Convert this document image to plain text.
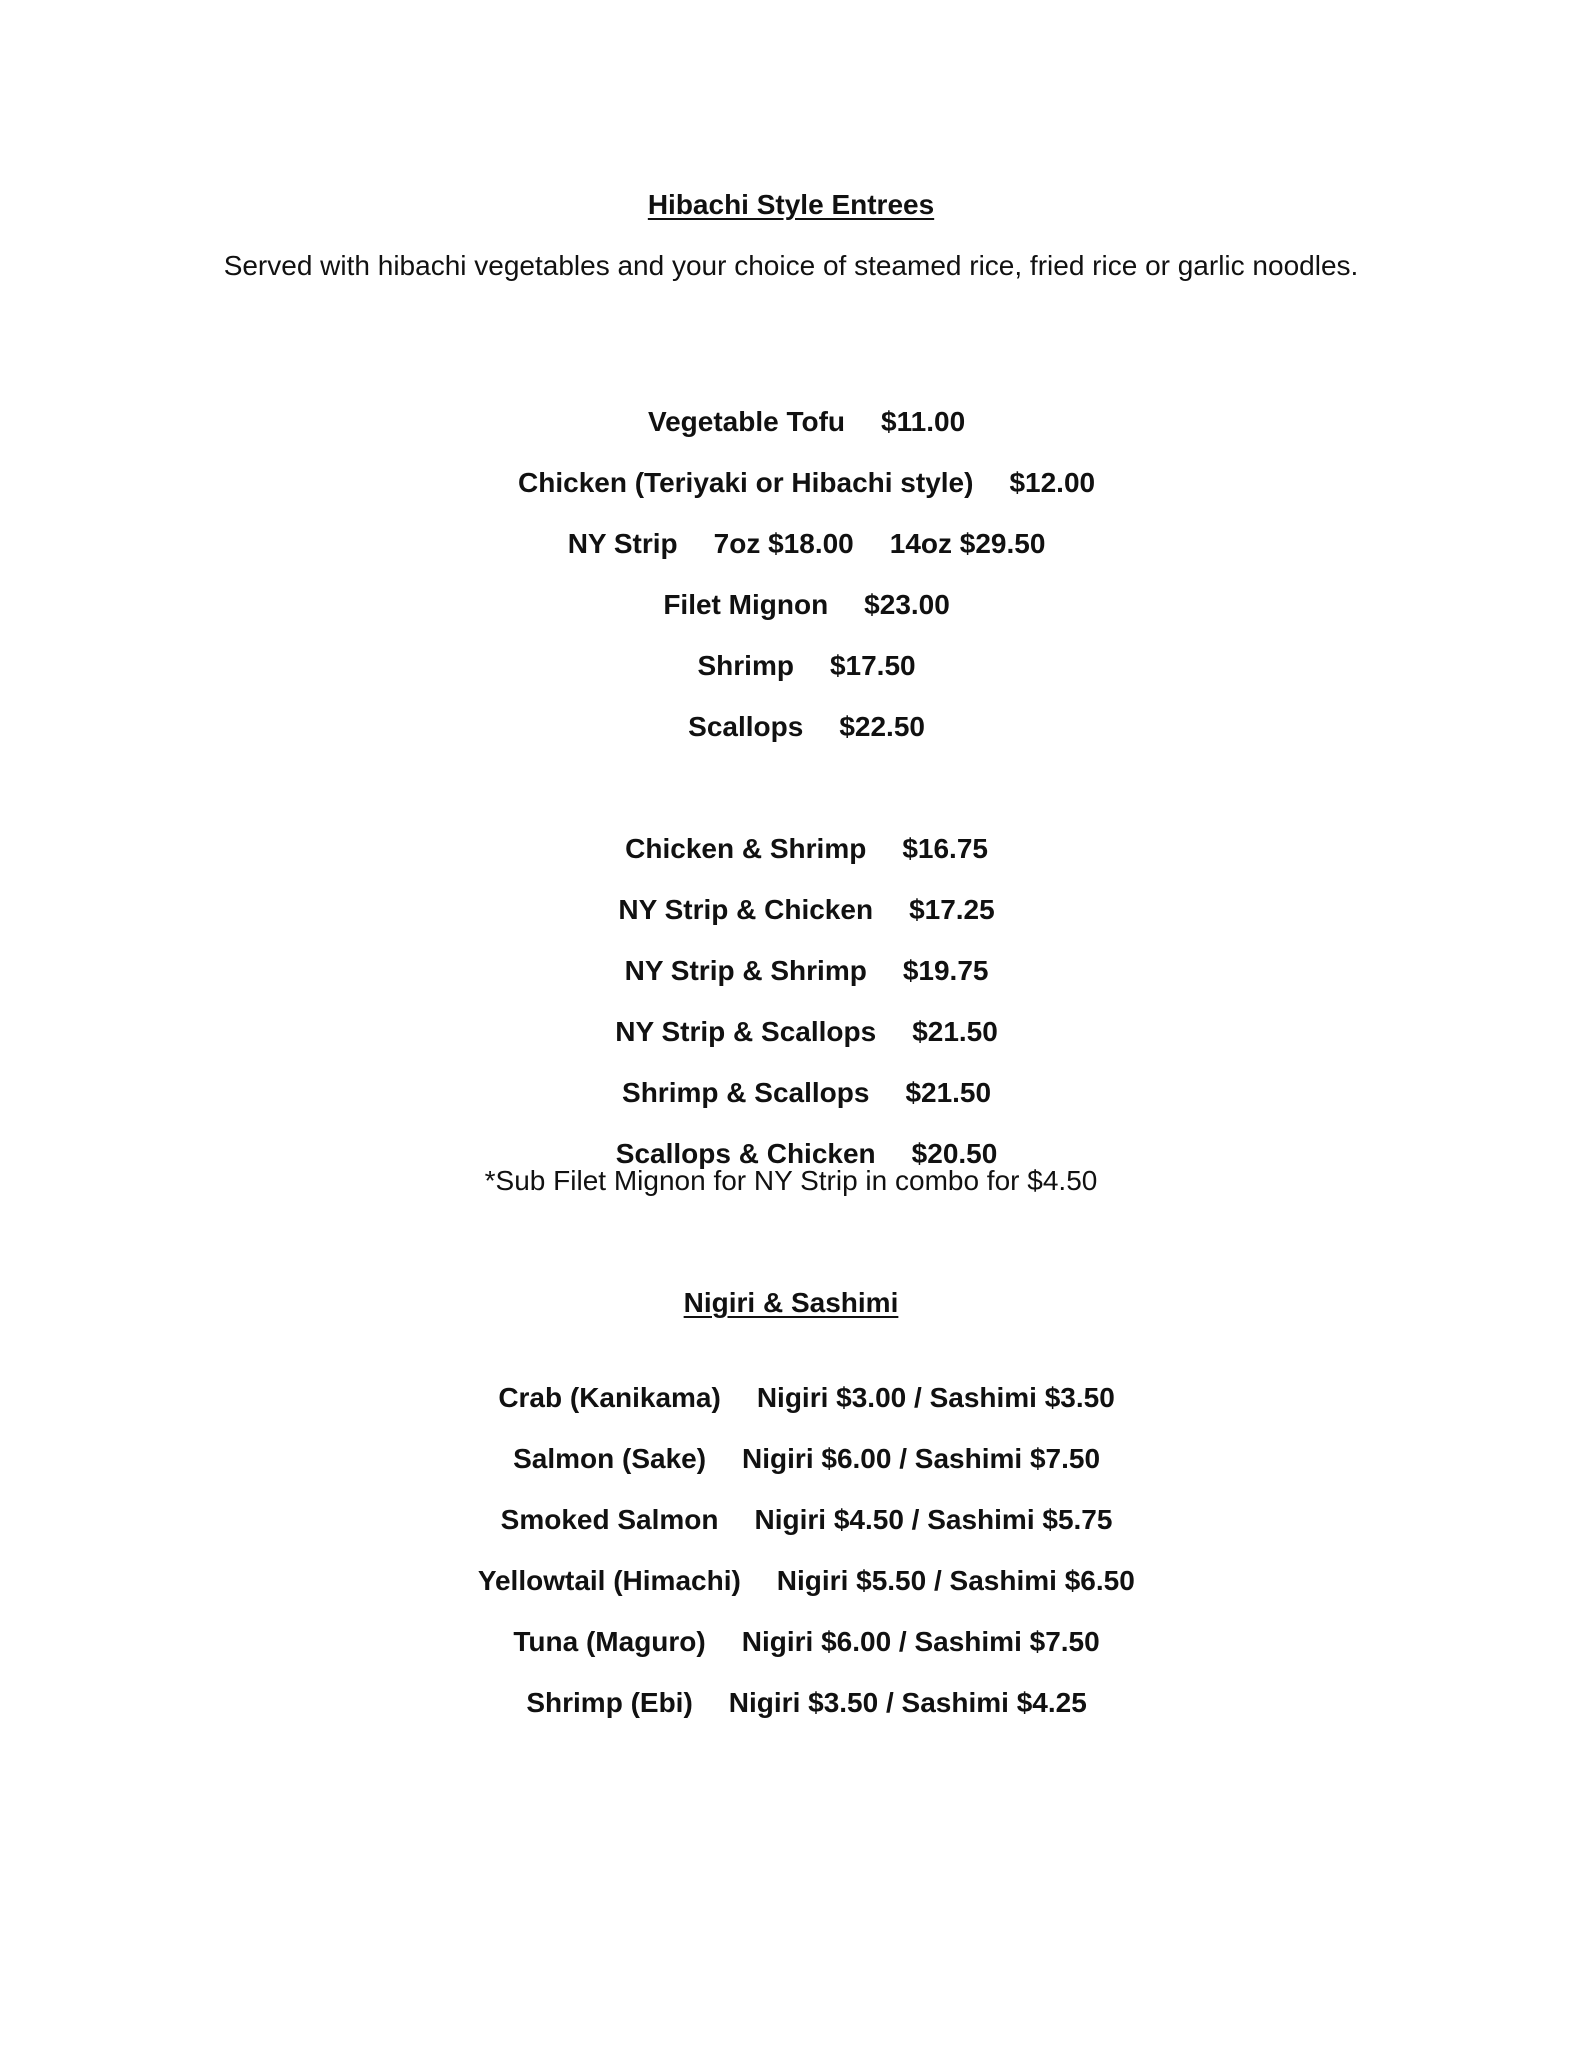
Hibachi Style Entrees
Served with hibachi vegetables and your choice of steamed rice, fried rice or garlic noodles.

Vegetable Tofu $11.00

Chicken (Teriyaki or Hibachi style) $12.00

NY Strip 7oz $18.00 14oz $29.50

Filet Mignon $23.00

Shrimp $17.50

Scallops $22.50

Chicken & Shrimp $16.75

NY Strip & Chicken $17.25

NY Strip & Shrimp $19.75

NY Strip & Scallops $21.50

Shrimp & Scallops $21.50

Scallops & Chicken $20.50

*Sub Filet Mignon for NY Strip in combo for $4.50
Nigiri & Sashimi

Crab (Kanikama) Nigiri $3.00 / Sashimi $3.50

Salmon (Sake) Nigiri $6.00 / Sashimi $7.50

Smoked Salmon Nigiri $4.50 / Sashimi $5.75

Yellowtail (Himachi) Nigiri $5.50 / Sashimi $6.50

Tuna (Maguro) Nigiri $6.00 / Sashimi $7.50

Shrimp (Ebi) Nigiri $3.50 / Sashimi $4.25
